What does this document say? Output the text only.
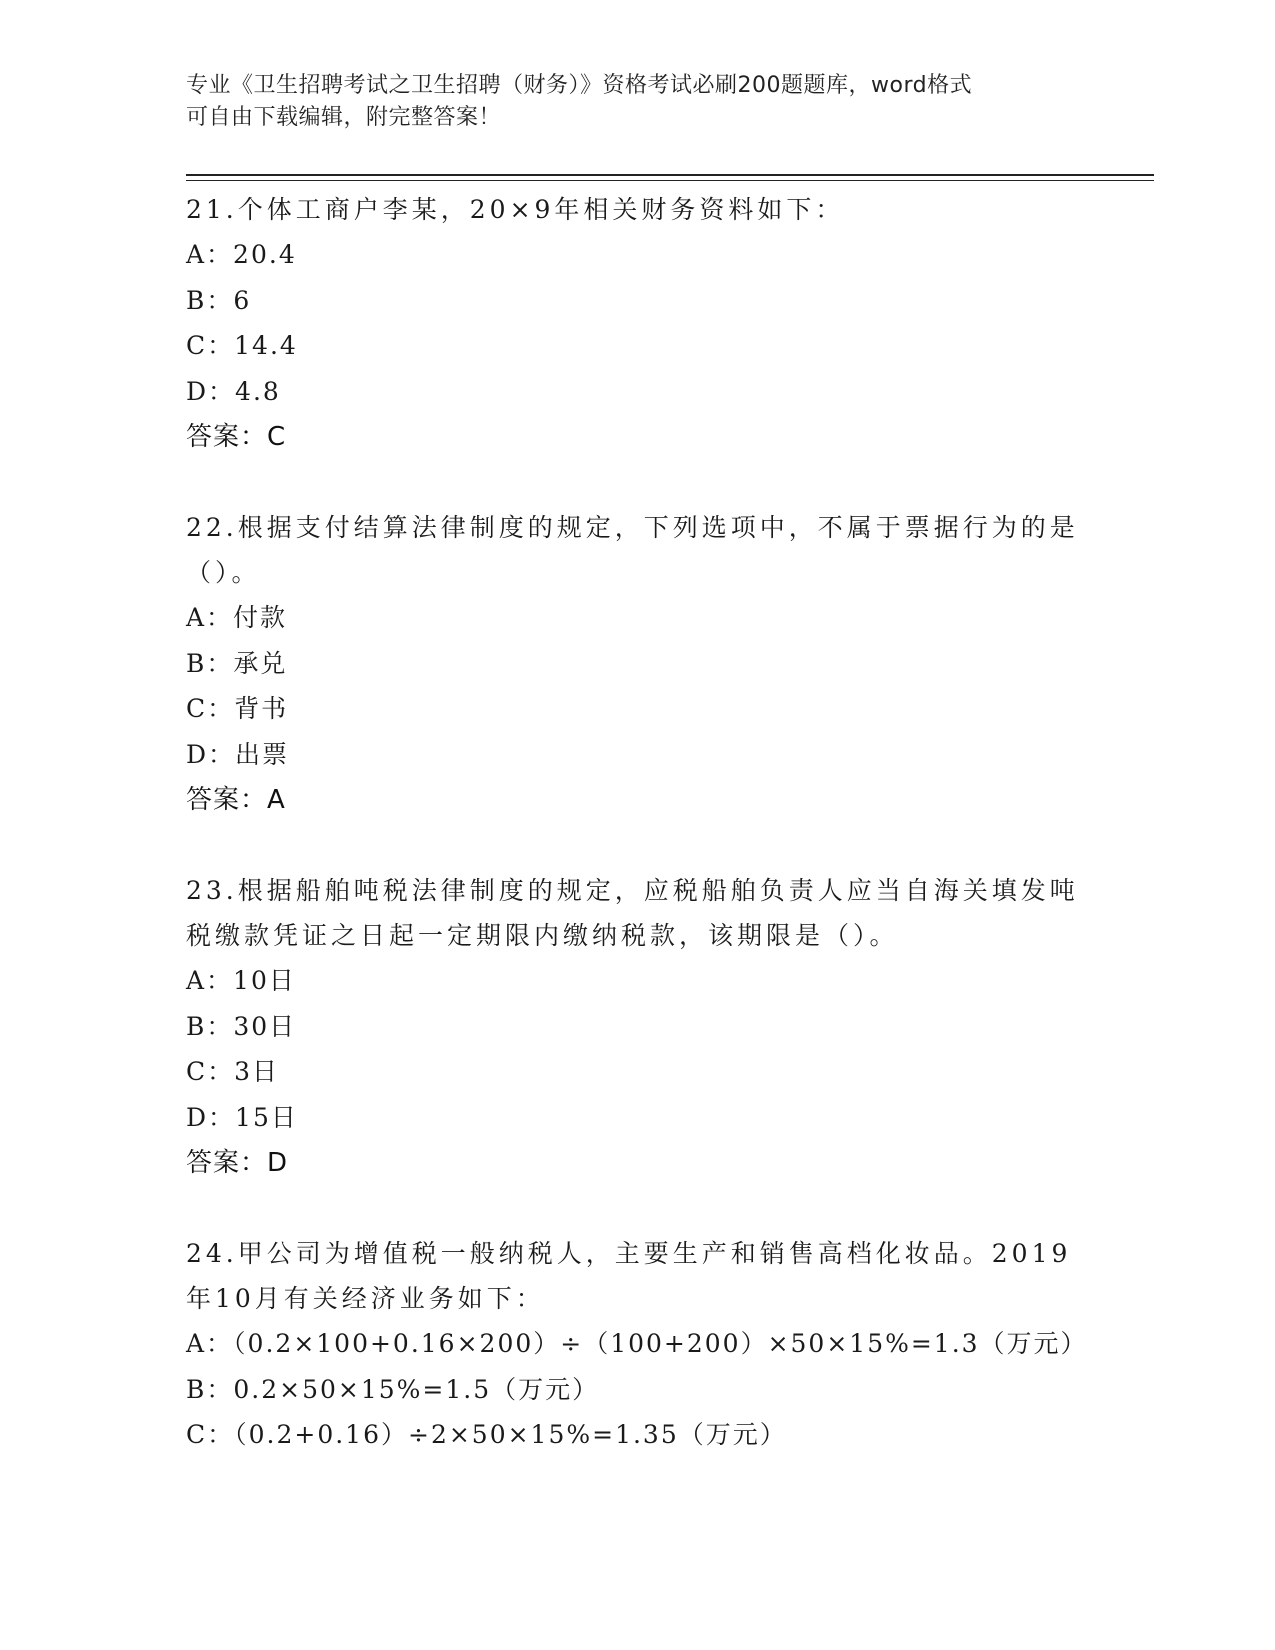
专业《卫生招聘考试之卫生招聘（财务）》资格考试必刷200题题库，word格式
可自由下载编辑，附完整答案！
21.个体工商户李某，20×9年相关财务资料如下：
A：20.4
B：6
C：14.4
D：4.8
答案：C
22.根据支付结算法律制度的规定，下列选项中，不属于票据行为的是
（）。
A：付款
B：承兑
C：背书
D：出票
答案：A
23.根据船舶吨税法律制度的规定，应税船舶负责人应当自海关填发吨
税缴款凭证之日起一定期限内缴纳税款，该期限是（）。
A：10日
B：30日
C：3日
D：15日
答案：D
24.甲公司为增值税一般纳税人，主要生产和销售高档化妆品。2019
年10月有关经济业务如下：
A：（0.2×100+0.16×200）÷（100+200）×50×15%=1.3（万元）
B：0.2×50×15%=1.5（万元）
C：（0.2+0.16）÷2×50×15%=1.35（万元）
